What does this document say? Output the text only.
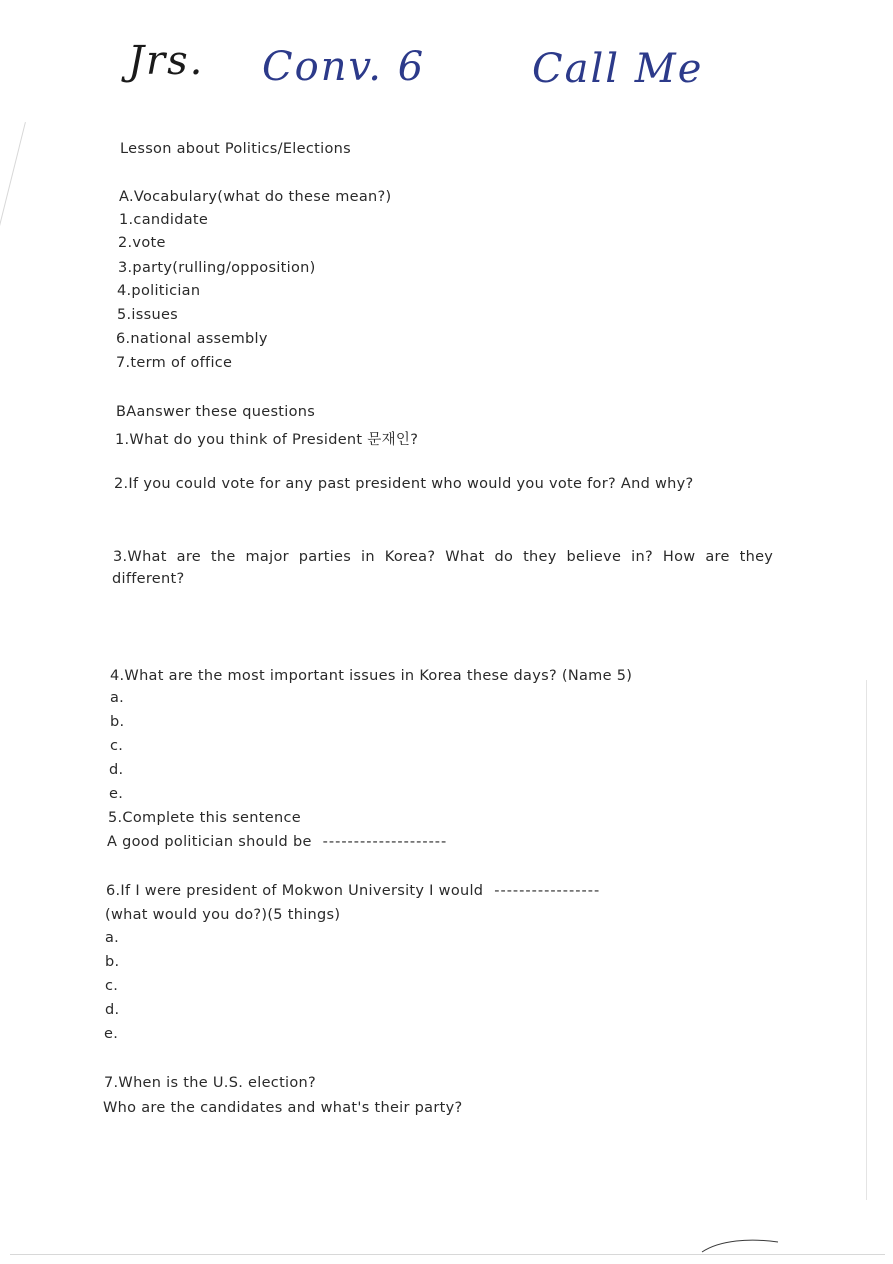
Jrs. Conv. 6	Call Me
Lesson about Politics/Elections
A.Vocabulary(what do these mean?)
1.candidate
2.vote
3.party(rulling/opposition)
4.politician
5.issues
6.national assembly
7.term of office
BAanswer these questions
1.What do you think of President 문재인?
2.If you could vote for any past president who would you vote for? And why?
3.What are the major parties in Korea? What do they believe in? How are they
different?
4.What are the most important issues in Korea these days? (Name 5)
a.
b.
c.
d.
e.
5.Complete this sentence
A good politician should be --------------------
6.If I were president of Mokwon University I would -----------------
(what would you do?)(5 things)
a.
b.
c.
d.
e.
7.When is the U.S. election?
Who are the candidates and what's their party?
